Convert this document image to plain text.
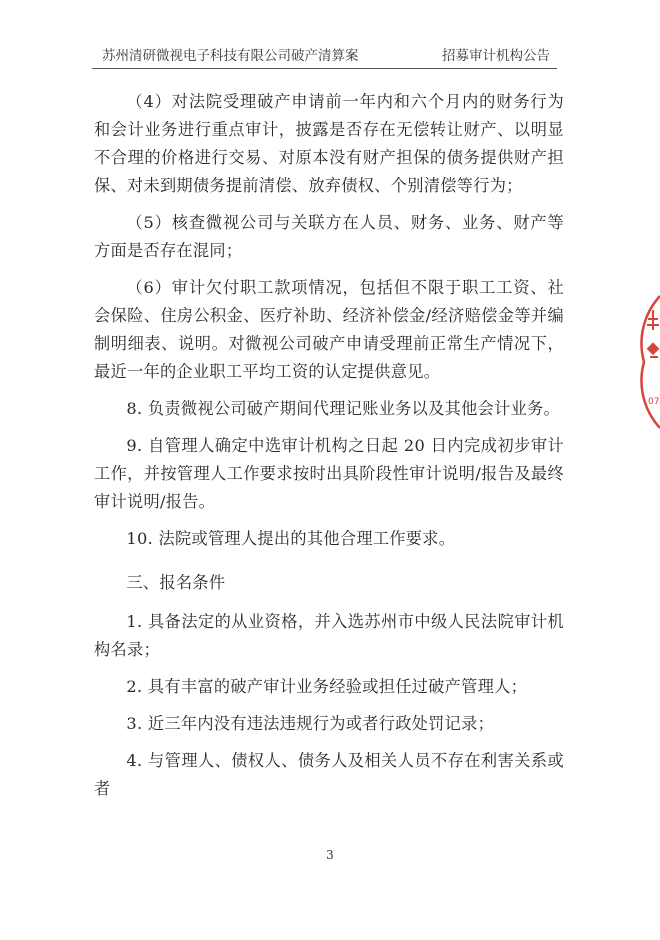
苏州清研微视电子科技有限公司破产清算案	招募审计机构公告

（4）对法院受理破产申请前一年内和六个月内的财务行为和会计业务进行重点审计，披露是否存在无偿转让财产、以明显不合理的价格进行交易、对原本没有财产担保的债务提供财产担保、对未到期债务提前清偿、放弃债权、个别清偿等行为；

（5）核查微视公司与关联方在人员、财务、业务、财产等方面是否存在混同；

（6）审计欠付职工款项情况，包括但不限于职工工资、社会保险、住房公积金、医疗补助、经济补偿金/经济赔偿金等并编制明细表、说明。对微视公司破产申请受理前正常生产情况下，最近一年的企业职工平均工资的认定提供意见。

8. 负责微视公司破产期间代理记账业务以及其他会计业务。

9. 自管理人确定中选审计机构之日起 20 日内完成初步审计工作，并按管理人工作要求按时出具阶段性审计说明/报告及最终审计说明/报告。

10. 法院或管理人提出的其他合理工作要求。

三、报名条件

1. 具备法定的从业资格，并入选苏州市中级人民法院审计机构名录；

2. 具有丰富的破产审计业务经验或担任过破产管理人；

3. 近三年内没有违法违规行为或者行政处罚记录；

4. 与管理人、债权人、债务人及相关人员不存在利害关系或者

3
07
